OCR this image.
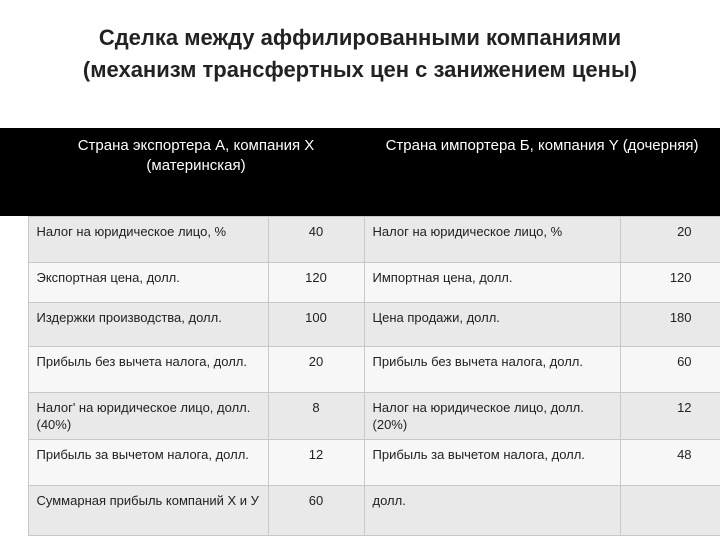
Сделка между аффилированными компаниями
(механизм трансфертных цен с занижением цены)
	Страна экспортера А, компания Х (материнская)		Страна импортера Б, компания Y (дочерняя)	
	Налог на юридическое лицо, %	40	Налог на юридическое лицо, %	20
	Экспортная цена, долл.	120	Импортная цена, долл.	120
	Издержки производства, долл.	100	Цена продажи, долл.	180
	Прибыль без вычета налога, долл.	20	Прибыль без вычета налога, долл.	60
	Налог' на юридическое лицо, долл. (40%)	8	Налог на юридическое лицо, долл. (20%)	12
	Прибыль за вычетом налога, долл.	12	Прибыль за вычетом налога, долл.	48
	Суммарная прибыль компаний Х и У	60	долл.	
